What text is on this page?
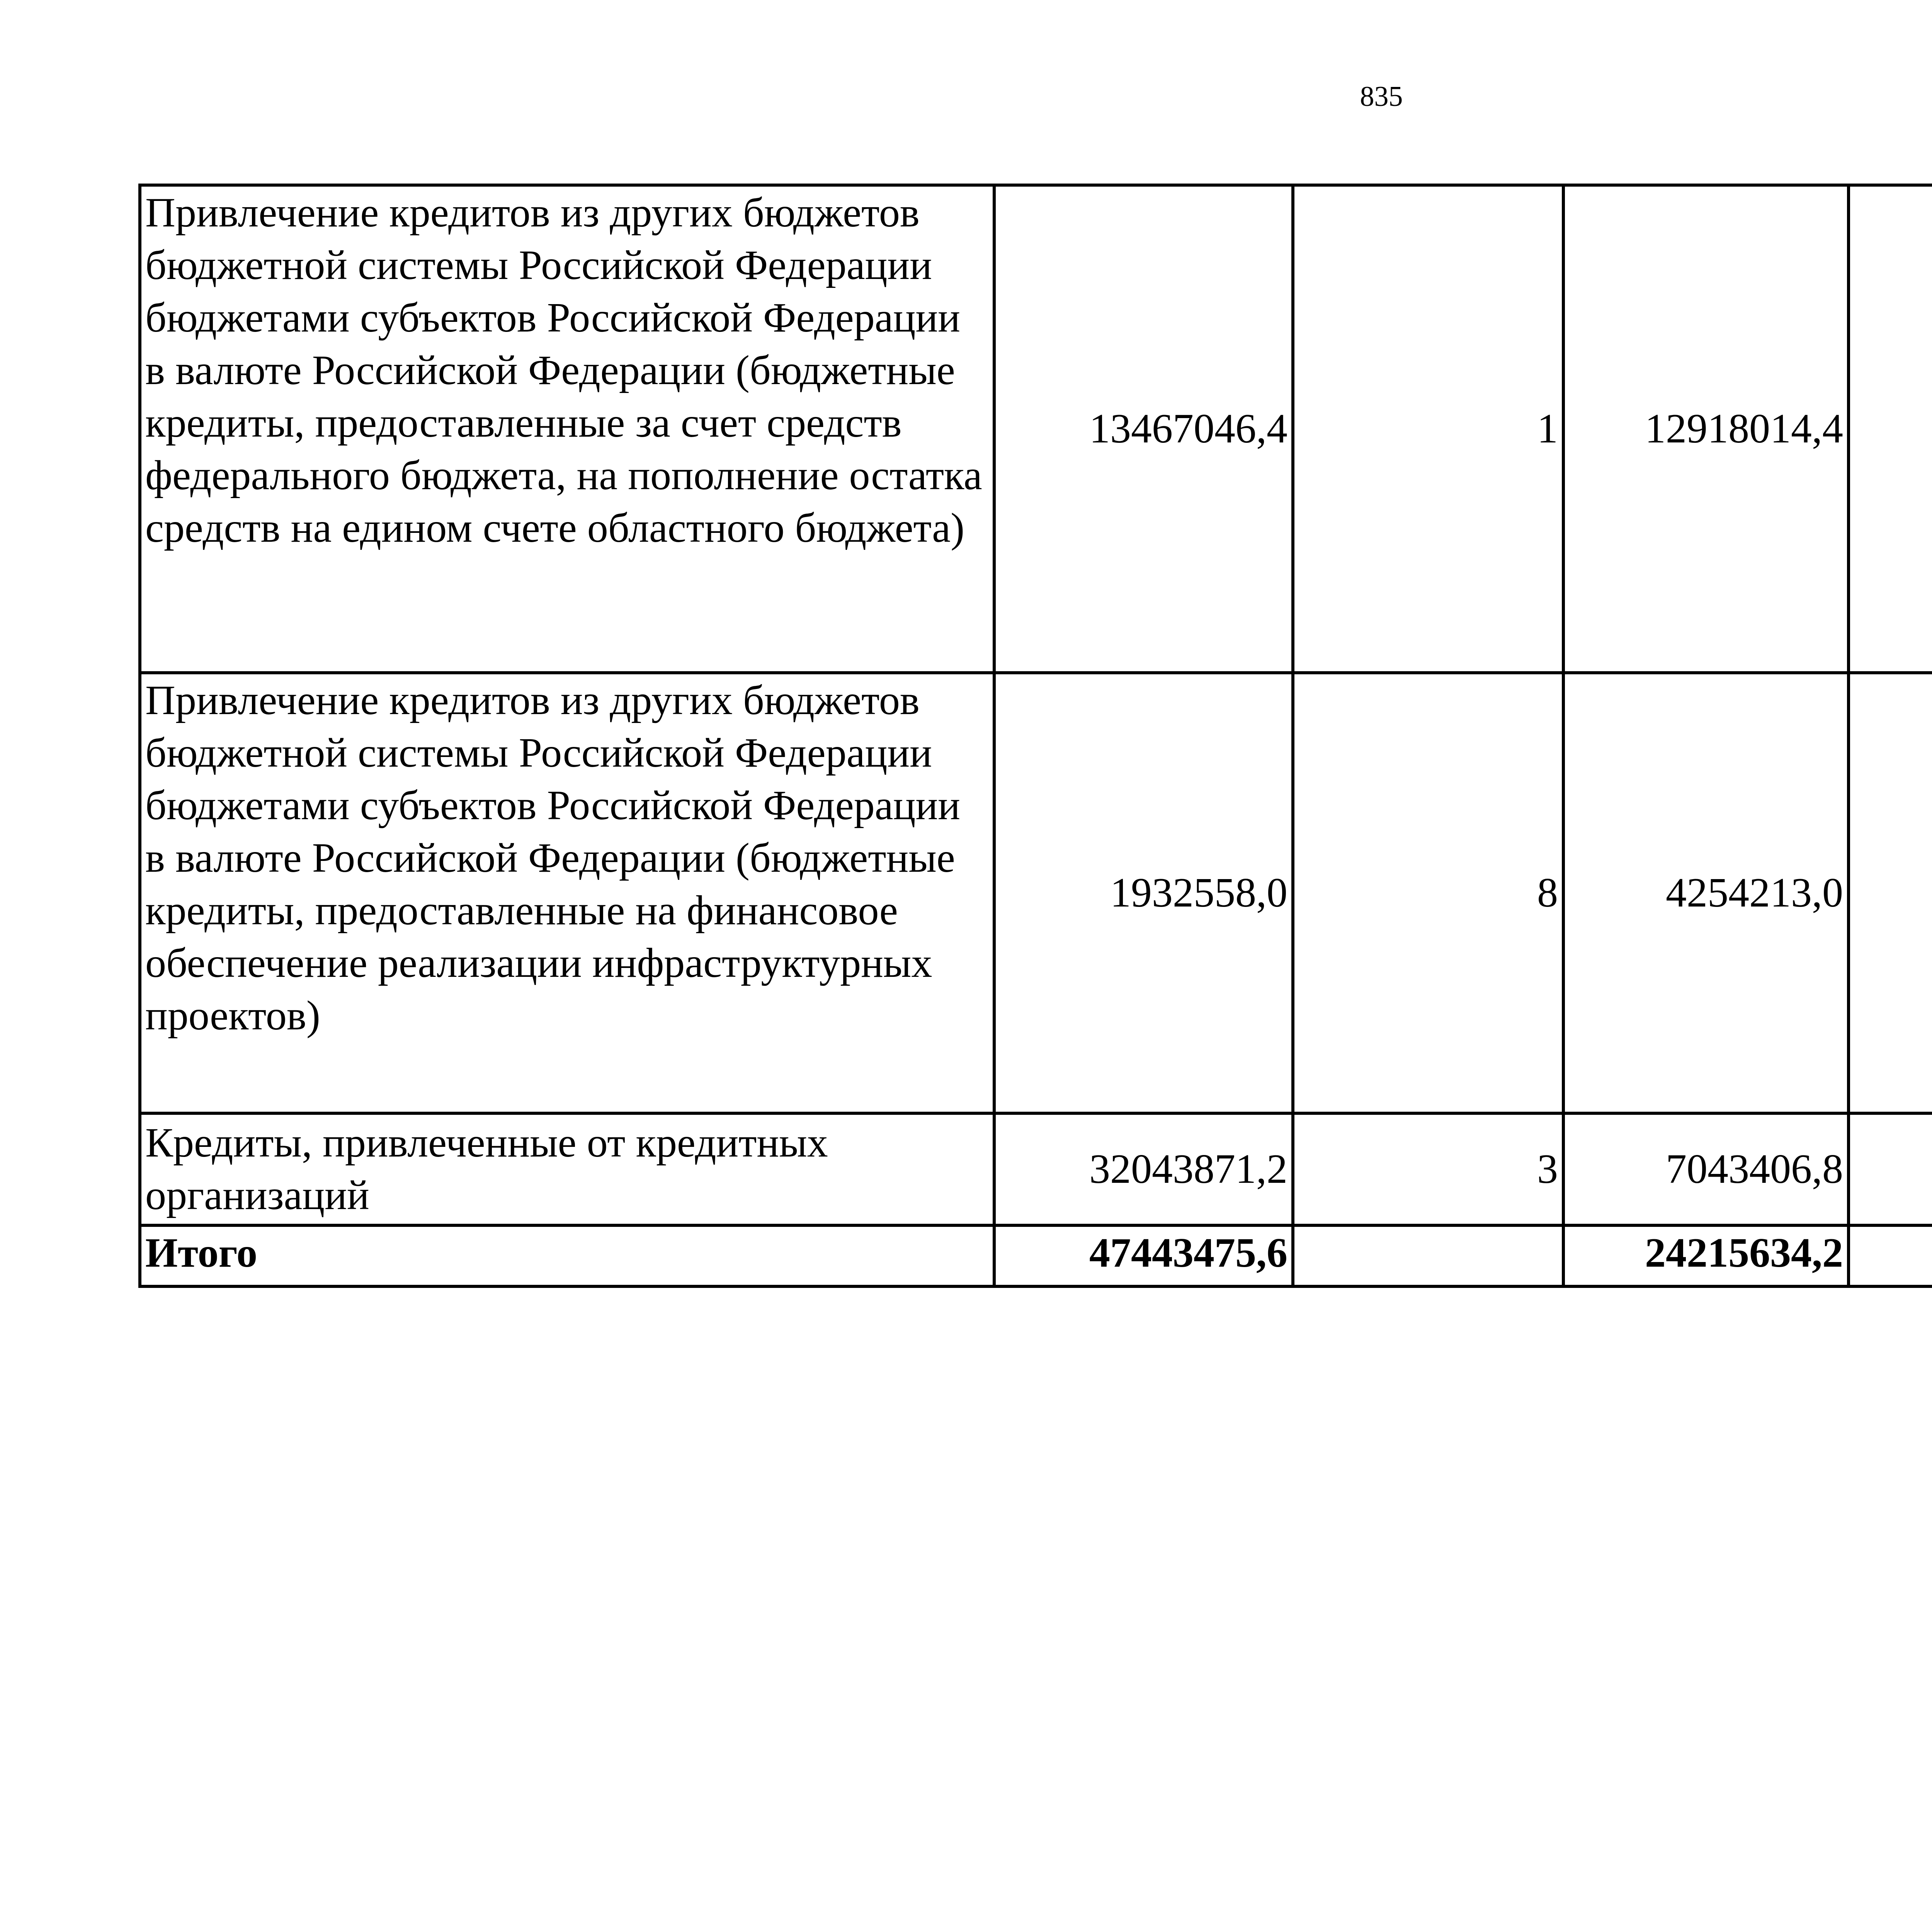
835
Привлечение кредитов из других бюджетов бюджетной системы Российской Федерации бюджетами субъектов Российской Федерации в валюте Российской Федерации (бюджетные кредиты, предоставленные за счет средств федерального бюджета, на пополнение остатка средств на едином счете областного бюджета)	13467046,4	1	12918014,4			
Привлечение кредитов из других бюджетов бюджетной системы Российской Федерации бюджетами субъектов Российской Федерации в валюте Российской Федерации (бюджетные кредиты, предоставленные на финансовое обеспечение реализации инфраструктурных проектов)	1932558,0	8	4254213,0			
Кредиты, привлеченные от кредитных организаций	32043871,2	3	7043406,8			
Итого	47443475,6		24215634,2			
